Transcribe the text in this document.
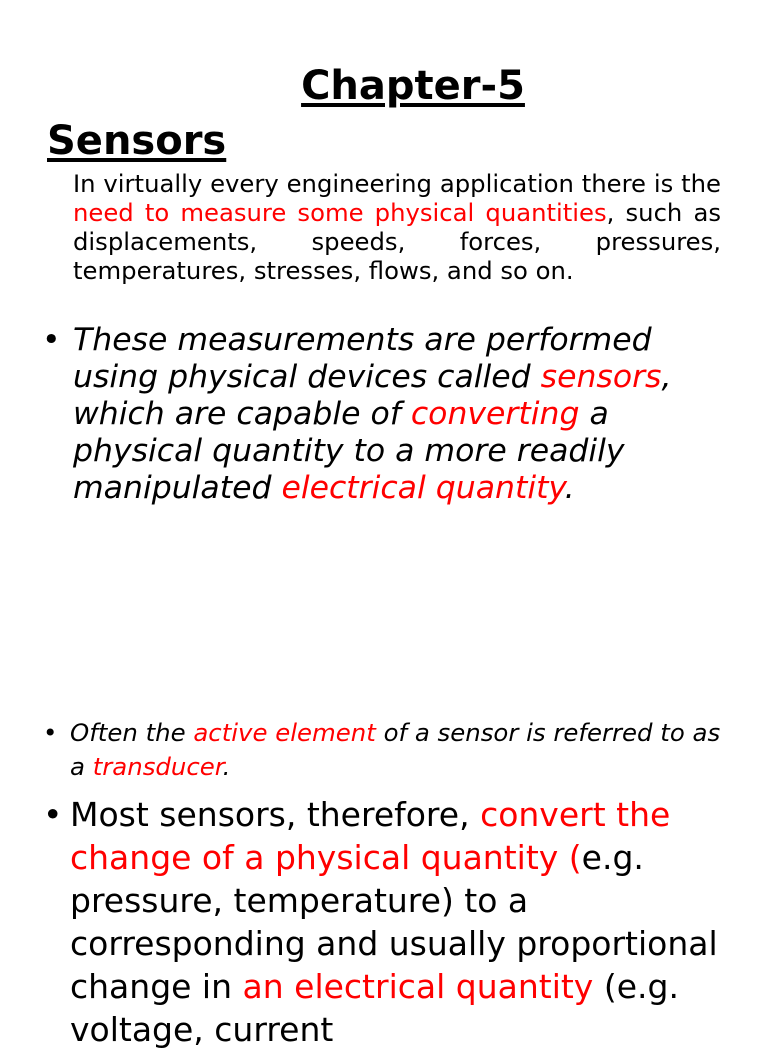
Chapter-5
Sensors

In virtually every engineering application there is the need to measure some physical quantities, such as displacements, speeds, forces, pressures, temperatures, stresses, flows, and so on.

• These measurements are performed using physical devices called sensors, which are capable of converting a physical quantity to a more readily manipulated electrical quantity.

• Often the active element of a sensor is referred to as a transducer.

• Most sensors, therefore, convert the change of a physical quantity (e.g. pressure, temperature) to a corresponding and usually proportional change in an electrical quantity (e.g. voltage, current
